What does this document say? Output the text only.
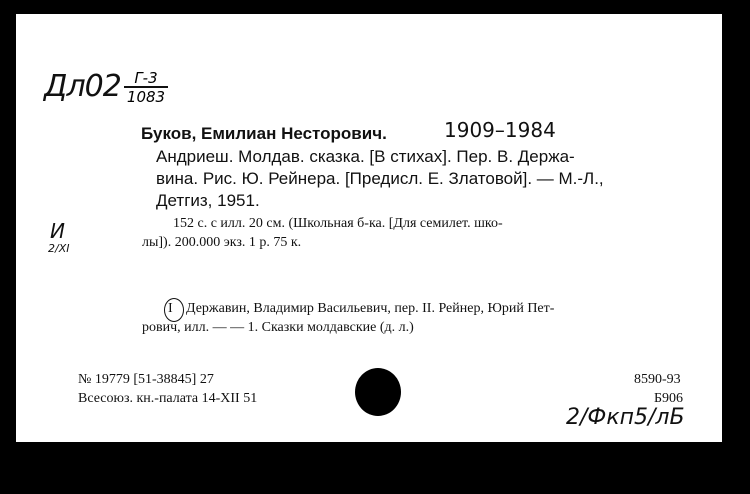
Дл02 Г-3
1083
Буков, Емилиан Несторович.	1909–1984
Андриеш. Молдав. сказка. [В стихах]. Пер. В. Держа-
вина. Рис. Ю. Рейнера. [Предисл. Е. Златовой]. — М.-Л.,
Детгиз, 1951.
152 с. с илл. 20 см. (Школьная б-ка. [Для семилет. шко-
лы]). 200.000 экз. 1 р. 75 к.
И
2/XI
I Державин, Владимир Васильевич, пер. II. Рейнер, Юрий Пет-
рович, илл. — — 1. Сказки молдавские (д. л.)
№ 19779 [51-38845] 27
Всесоюз. кн.-палата 14-XII 51
8590-93
Б906
2/Фкп5/лБ
